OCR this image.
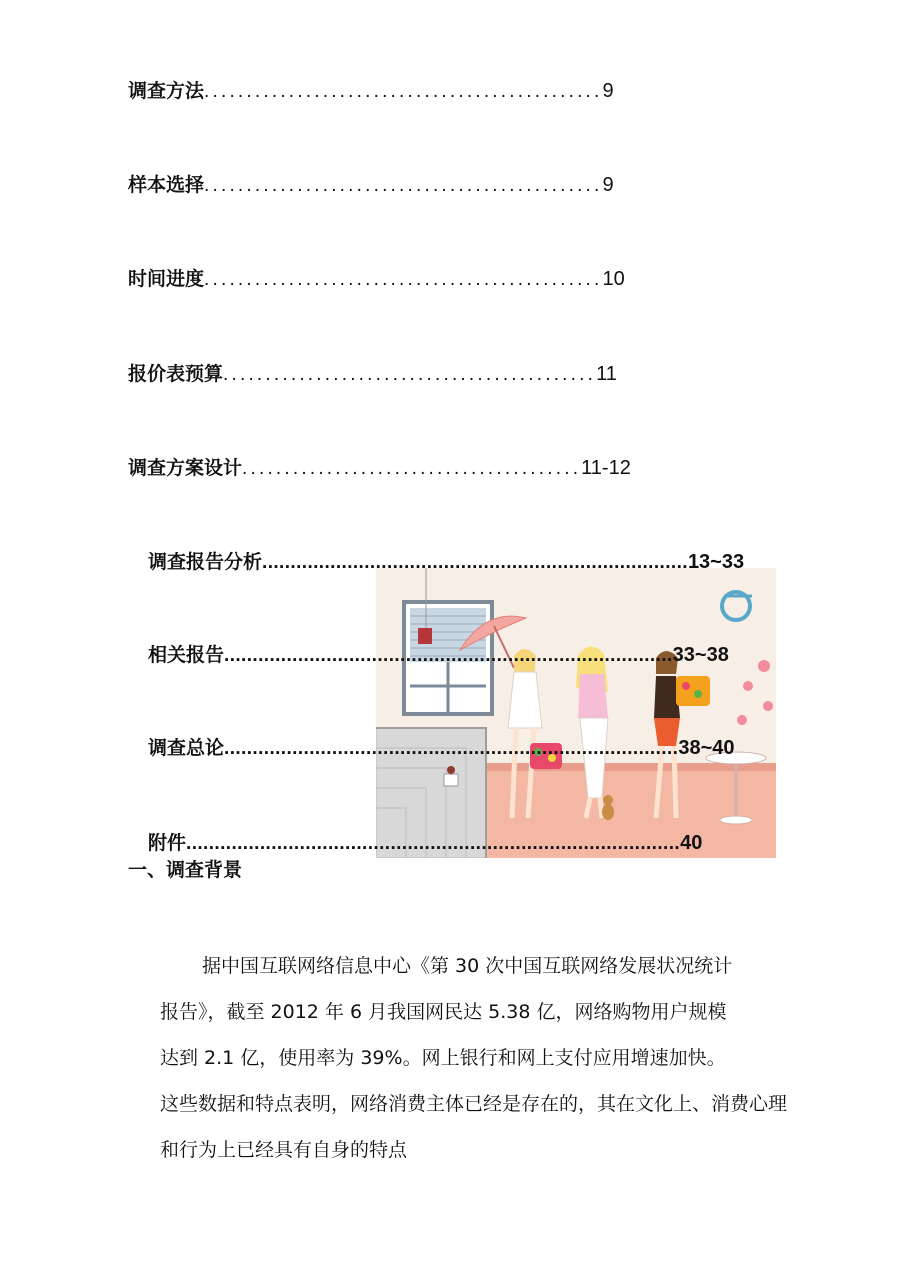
调查方法 ............................................... 9
样本选择 ............................................... 9
时间进度 ............................................... 10
报价表预算 ............................................ 11
调查方案设计 ........................................ 11-12
调查报告分析 ........................................................................... 13~33
相关报告 ............................................................................... 33~38
调查总论 ................................................................................ 38~40
附件 ....................................................................................... 40
一、调查背景
据中国互联网络信息中心《第 30 次中国互联网络发展状况统计
报告》，截至 2012 年 6 月我国网民达 5.38 亿，网络购物用户规模
达到 2.1 亿，使用率为 39%。网上银行和网上支付应用增速加快。
这些数据和特点表明，网络消费主体已经是存在的，其在文化上、消费心理
和行为上已经具有自身的特点
